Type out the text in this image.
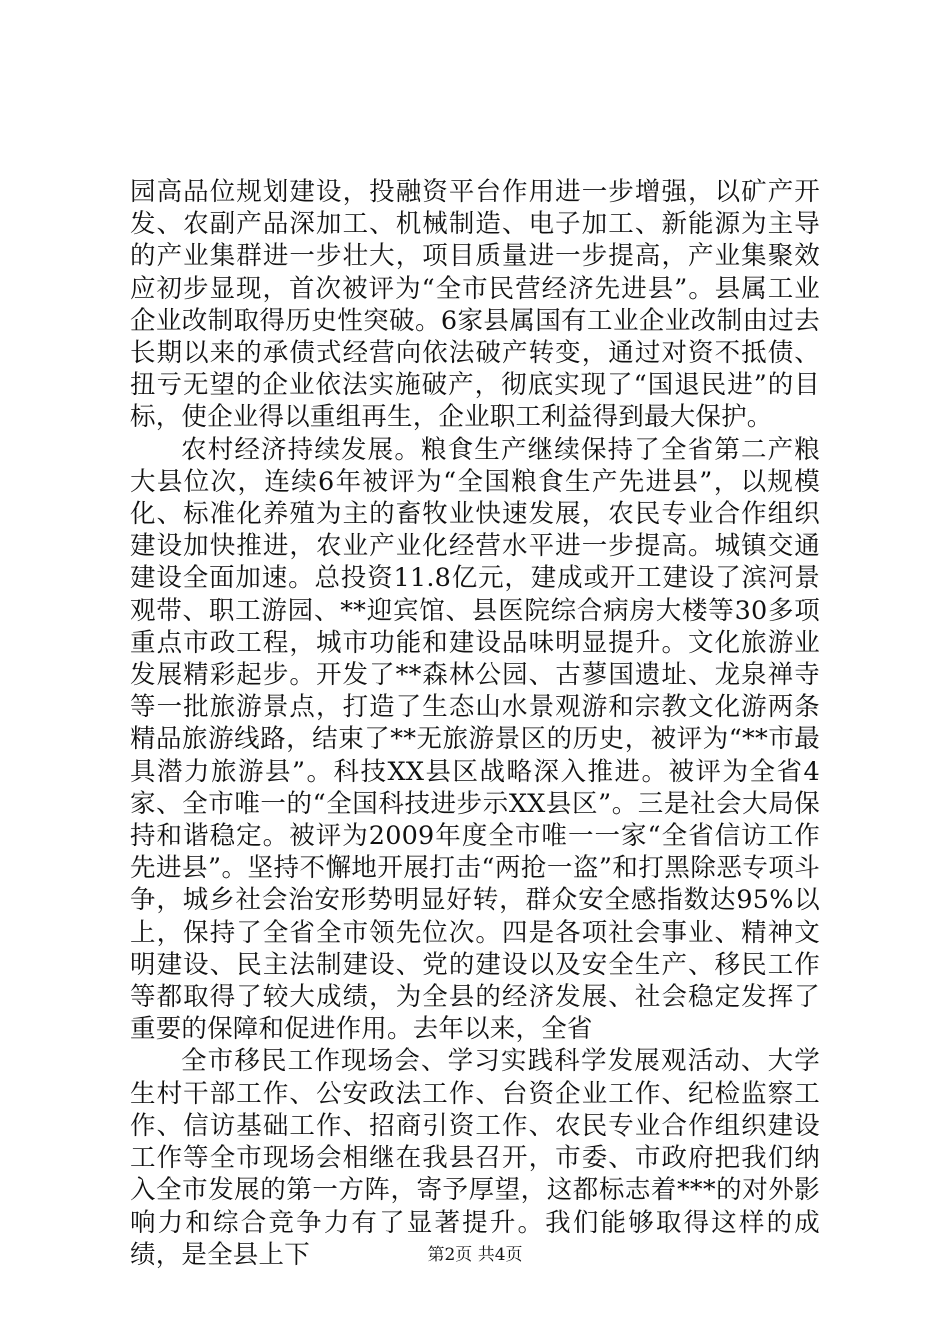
园高品位规划建设，投融资平台作用进一步增强，以矿产开发、农副产品深加工、机械制造、电子加工、新能源为主导的产业集群进一步壮大，项目质量进一步提高，产业集聚效应初步显现，首次被评为“全市民营经济先进县”。县属工业企业改制取得历史性突破。6家县属国有工业企业改制由过去长期以来的承债式经营向依法破产转变，通过对资不抵债、扭亏无望的企业依法实施破产，彻底实现了“国退民进”的目标，使企业得以重组再生，企业职工利益得到最大保护。

农村经济持续发展。粮食生产继续保持了全省第二产粮大县位次，连续6年被评为“全国粮食生产先进县”，以规模化、标准化养殖为主的畜牧业快速发展，农民专业合作组织建设加快推进，农业产业化经营水平进一步提高。城镇交通建设全面加速。总投资11.8亿元，建成或开工建设了滨河景观带、职工游园、**迎宾馆、县医院综合病房大楼等30多项重点市政工程，城市功能和建设品味明显提升。文化旅游业发展精彩起步。开发了**森林公园、古蓼国遗址、龙泉禅寺等一批旅游景点，打造了生态山水景观游和宗教文化游两条精品旅游线路，结束了**无旅游景区的历史，被评为“**市最具潜力旅游县”。科技XX县区战略深入推进。被评为全省4家、全市唯一的“全国科技进步示XX县区”。三是社会大局保持和谐稳定。被评为2009年度全市唯一一家“全省信访工作先进县”。坚持不懈地开展打击“两抢一盗”和打黑除恶专项斗争，城乡社会治安形势明显好转，群众安全感指数达95%以上，保持了全省全市领先位次。四是各项社会事业、精神文明建设、民主法制建设、党的建设以及安全生产、移民工作等都取得了较大成绩，为全县的经济发展、社会稳定发挥了重要的保障和促进作用。去年以来，全省

全市移民工作现场会、学习实践科学发展观活动、大学生村干部工作、公安政法工作、台资企业工作、纪检监察工作、信访基础工作、招商引资工作、农民专业合作组织建设工作等全市现场会相继在我县召开，市委、市政府把我们纳入全市发展的第一方阵，寄予厚望，这都标志着***的对外影响力和综合竞争力有了显著提升。我们能够取得这样的成绩，是全县上下	第2页 共4页
